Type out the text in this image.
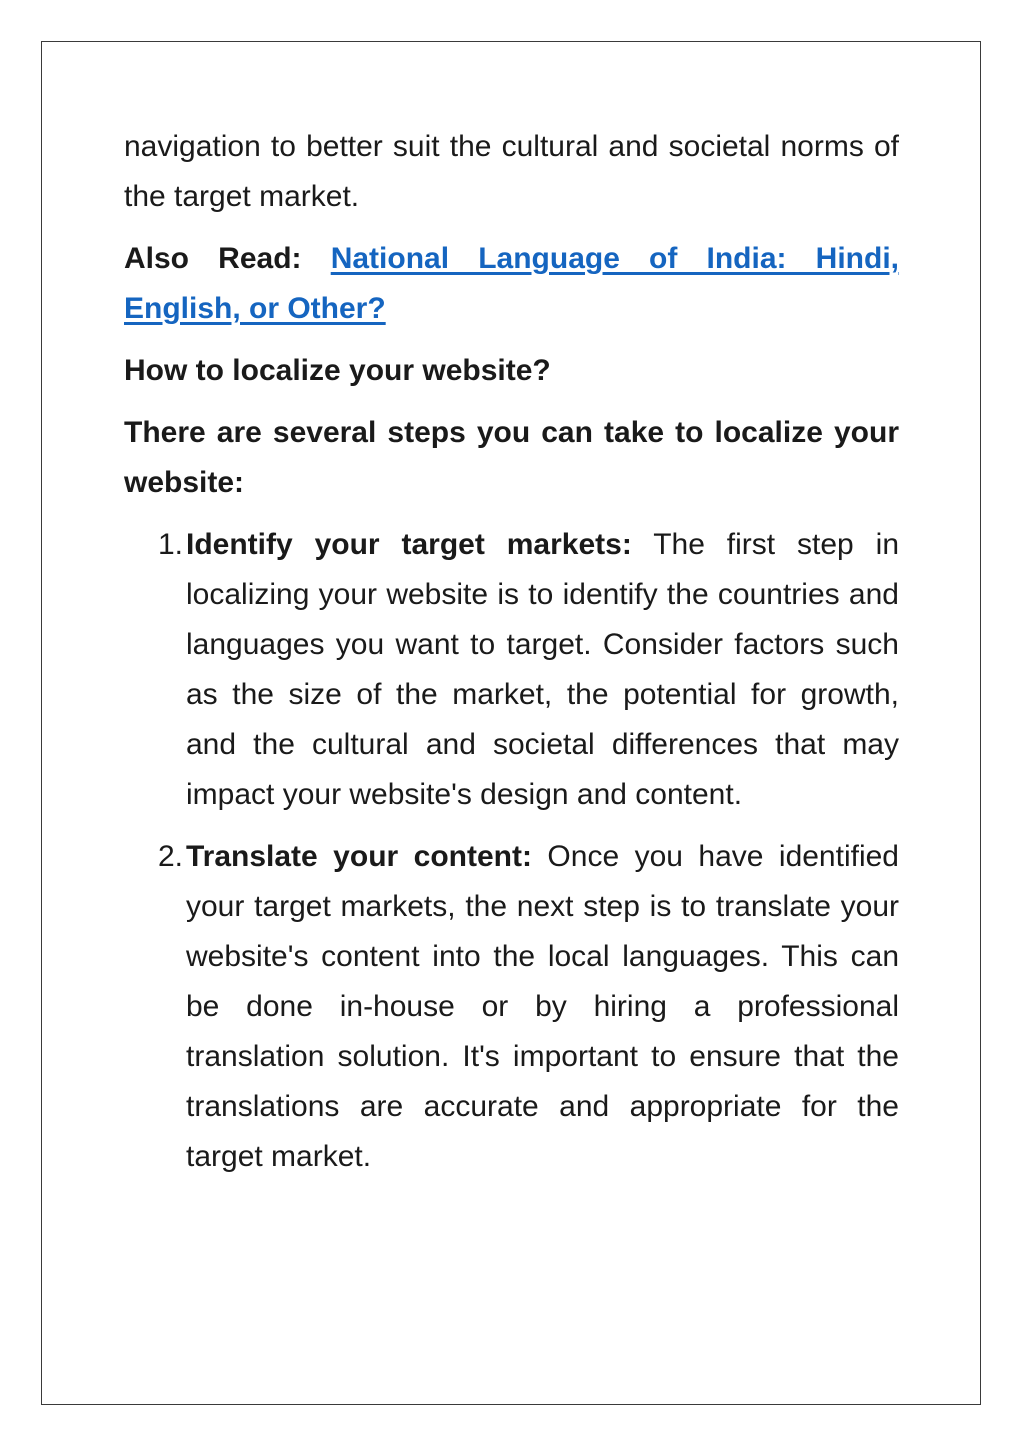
navigation to better suit the cultural and societal norms of the target market.

Also Read: National Language of India: Hindi, English, or Other?

How to localize your website?

There are several steps you can take to localize your website:

1. Identify your target markets: The first step in localizing your website is to identify the countries and languages you want to target. Consider factors such as the size of the market, the potential for growth, and the cultural and societal differences that may impact your website's design and content.
2. Translate your content: Once you have identified your target markets, the next step is to translate your website's content into the local languages. This can be done in-house or by hiring a professional translation solution. It's important to ensure that the translations are accurate and appropriate for the target market.
